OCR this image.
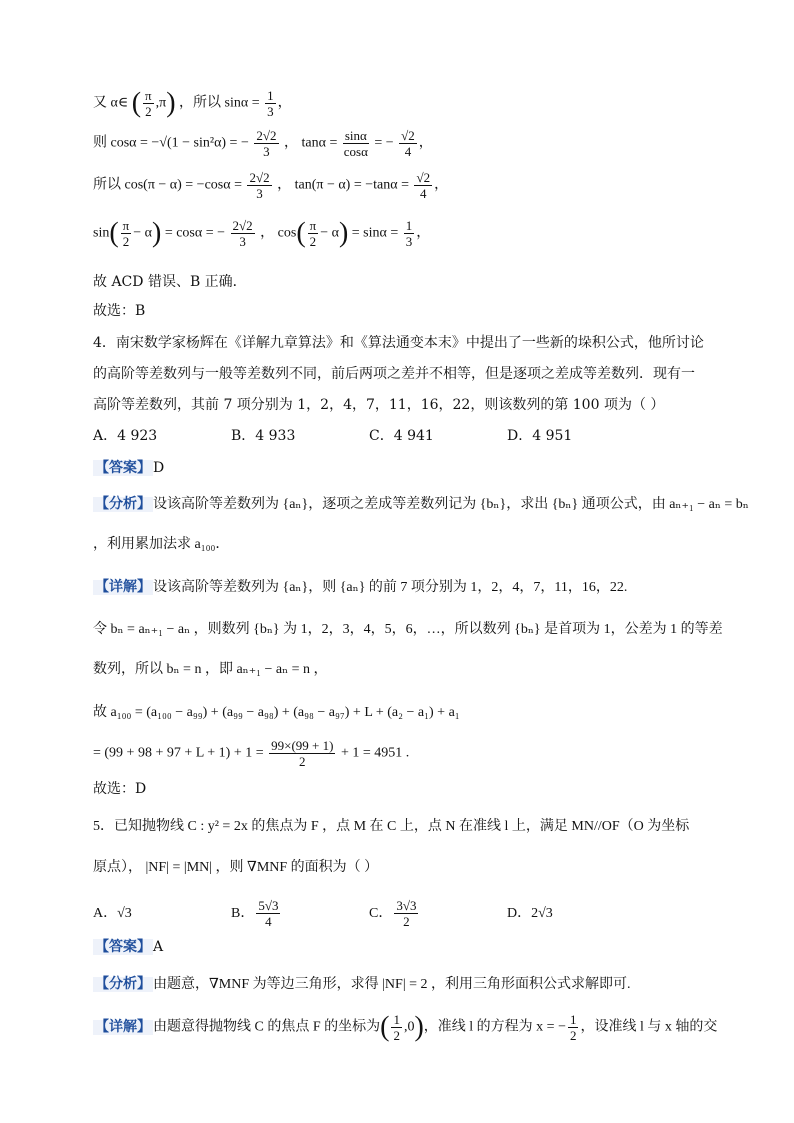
又 α∈ ( $\frac{\pi}{2} ,\pi$) ，所以 $\sin\alpha = \frac{1}{3}$ ，
则 cosα = −√(1 − sin²α) = − $\frac{2√2}{3}$ ， $\tan\alpha = \frac{\sin\alpha}{\cos\alpha}$ = − $\frac{√2}{4}$ ，
所以 $\cos(\pi - \alpha) = -\cos\alpha = \frac{2√2}{3}$ ， $\tan(\pi - \alpha) = -\tan\alpha = \frac{√2}{4}$ ，
$\sin( \frac{\pi}{2} - \alpha) = \cos\alpha$ = − $\frac{2√2}{3}$ ， $\cos( \frac{\pi}{2} - \alpha) = \sin\alpha = \frac{1}{3}$ ，
故 ACD 错误、B 正确．
故选：B
4．南宋数学家杨辉在《详解九章算法》和《算法通变本末》中提出了一些新的垛积公式，他所讨论
的高阶等差数列与一般等差数列不同，前后两项之差并不相等，但是逐项之差成等差数列．现有一
高阶等差数列，其前 7 项分别为 1，2，4，7，11，16，22，则该数列的第 100 项为（ ）
A．4 923	B．4 933	C．4 941	D．4 951
【答案】 D
【分析】 设该高阶等差数列为 {aₙ}，逐项之差成等差数列记为 {bₙ}，求出 {bₙ} 通项公式，由 aₙ₊₁ − aₙ = bₙ
，利用累加法求 a₁₀₀．
【详解】 设该高阶等差数列为 {aₙ}，则 {aₙ} 的前 7 项分别为 1，2，4，7，11，16，22.
令 bₙ = aₙ₊₁ − aₙ ，则数列 {bₙ} 为 1，2，3，4，5，6，…，所以数列 {bₙ} 是首项为 1，公差为 1 的等差
数列，所以 bₙ = n ，即 aₙ₊₁ − aₙ = n ，
故 a₁₀₀ = (a₁₀₀ − a₉₉) + (a₉₉ − a₉₈) + (a₉₈ − a₉₇) + L + (a₂ − a₁) + a₁
= $(99 + 98 + 97 + L + 1) + 1 = \frac{99\times(99 + 1)}{2} + 1 = 4951$ .
故选：D
5．已知抛物线 C : y² = 2x 的焦点为 F ，点 M 在 C 上，点 N 在准线 l 上，满足 MN//OF（O 为坐标
原点）， |NF| = |MN| ，则 ∇MNF 的面积为（ ）
A．√3	B． $\frac{5√3}{4}$	C． $\frac{3√3}{2}$	D．2√3
【答案】 A
【分析】 由题意，∇MNF 为等边三角形，求得 |NF| = 2 ，利用三角形面积公式求解即可.
【详解】 由题意得抛物线 C 的焦点 F 的坐标为( $\frac{1}{2} ,0$)，准线 l 的方程为 x = − $\frac{1}{2}$ ，设准线 l 与 x 轴的交
